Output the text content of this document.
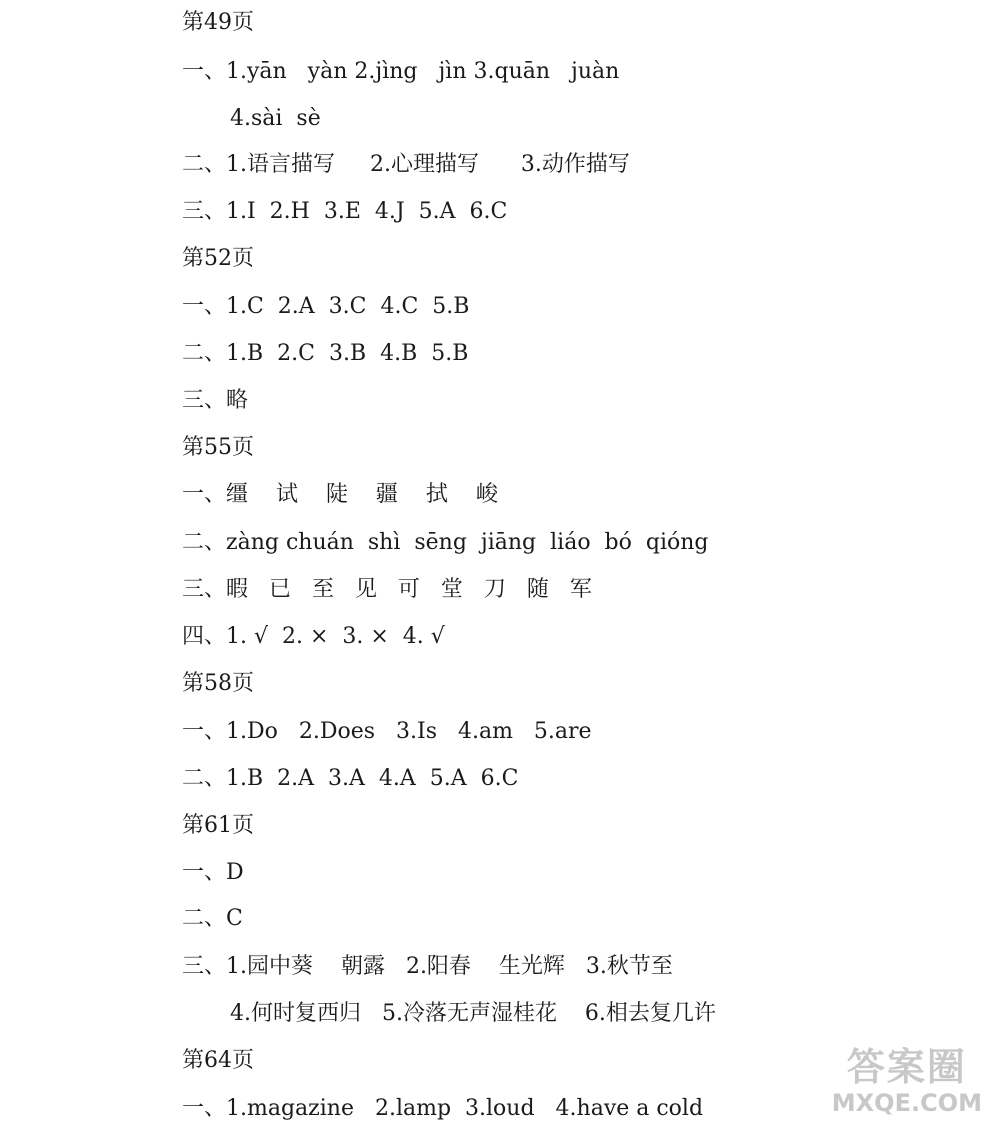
第49页
一、1.yān   yàn 2.jìng   jìn 3.quān   juàn
4.sài  sè
二、1.语言描写     2.心理描写      3.动作描写
三、1.I  2.H  3.E  4.J  5.A  6.C
第52页
一、1.C  2.A  3.C  4.C  5.B
二、1.B  2.C  3.B  4.B  5.B
三、略
第55页
一、缰    试    陡    疆    拭    峻
二、zàng chuán  shì  sēng  jiāng  liáo  bó  qióng
三、暇   已   至   见   可   堂   刀   随   军
四、1. √  2. ×  3. ×  4. √
第58页
一、1.Do   2.Does   3.Is   4.am   5.are
二、1.B  2.A  3.A  4.A  5.A  6.C
第61页
一、D
二、C
三、1.园中葵    朝露   2.阳春    生光辉   3.秋节至
4.何时复西归   5.冷落无声湿桂花    6.相去复几许
第64页
一、1.magazine   2.lamp  3.loud   4.have a cold
答案圈
MXQE.COM
